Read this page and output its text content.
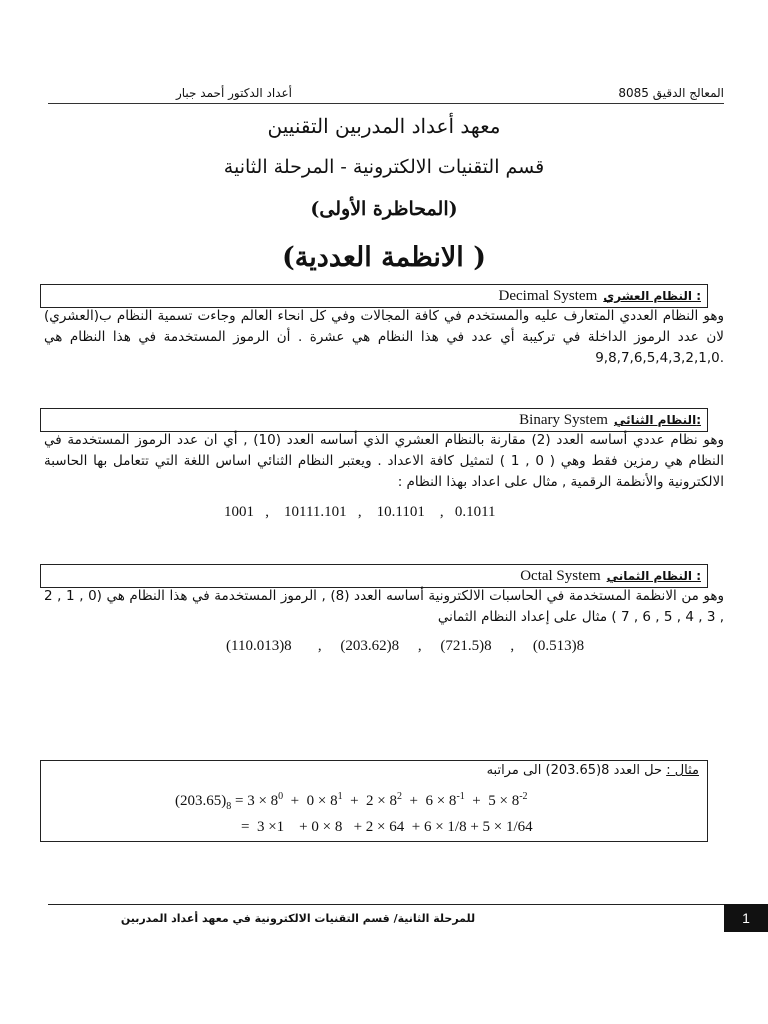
أعداد الدكتور أحمد جبار	المعالج الدقيق 8085
معهد أعداد المدربين التقنيين
قسم التقنيات الالكترونية - المرحلة الثانية
(المحاظرة الأولى)
( الانظمة العددية)
النظام العشري :
Decimal System
وهو النظام العددي المتعارف عليه والمستخدم في كافة المجالات وفي كل انحاء العالم وجاءت تسمية النظام ب(العشري) لان عدد الرموز الداخلة في تركيبة أي عدد في هذا النظام هي عشرة . أن الرموز المستخدمة في هذا النظام هي .9,8,7,6,5,4,3,2,1,0
النظام الثنائي:
Binary System
وهو نظام عددي أساسه العدد (2) مقارنة بالنظام العشري الذي أساسه العدد (10) , أي ان عدد الرموز المستخدمة في النظام هي رمزين فقط وهي ( 0 , 1 ) لتمثيل كافة الاعداد . ويعتبر النظام الثنائي اساس اللغة التي تتعامل بها الحاسبة الالكترونية والأنظمة الرقمية , مثال على اعداد بهذا النظام :
1001   ,    10111.101   ,    10.1101    ,   0.1011
النظام الثماني :
Octal System
وهو من الانظمة المستخدمة في الحاسبات الالكترونية أساسه العدد (8) , الرموز المستخدمة في هذا النظام هي (0 , 1 , 2 , 3 , 4 , 5 , 6 , 7 ) مثال على إعداد النظام الثماني
(110.013)8       ,     (203.62)8     ,     (721.5)8     ,     (0.513)8
مثال : حل العدد 8(203.65) الى مراتبه
$(203.65)_8 = 3 \times 8^0 + 0 \times 8^1 + 2 \times 8^2 + 6 \times 8^{-1} + 5 \times 8^{-2}$
=  3 ×1    + 0 × 8   + 2 × 64  + 6 × 1/8 + 5 × 1/64
للمرحلة الثانية/ قسم التقنيات الالكترونية في معهد أعداد المدربين	1
